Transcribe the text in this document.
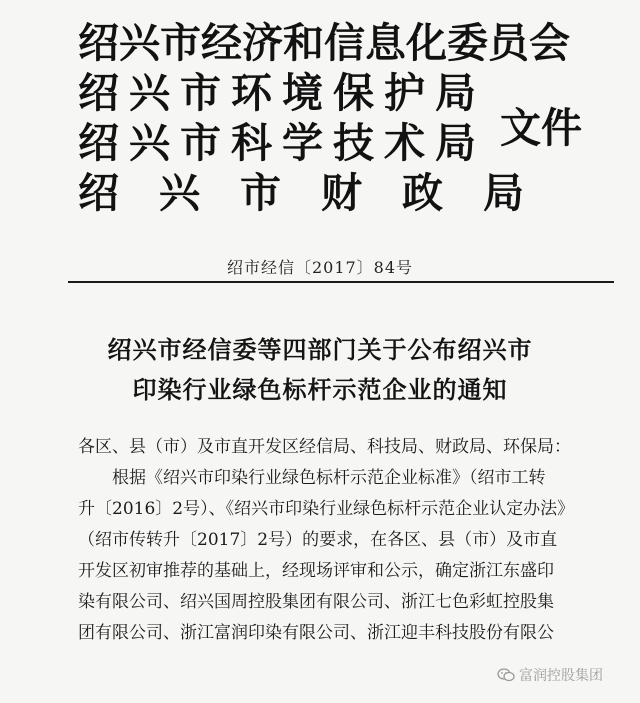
绍兴市经济和信息化委员会
绍兴市环境保护局
绍兴市科学技术局
绍兴市财政局
文件
绍市经信〔2017〕84号
绍兴市经信委等四部门关于公布绍兴市
印染行业绿色标杆示范企业的通知
各区、县（市）及市直开发区经信局、科技局、财政局、环保局：
根据《绍兴市印染行业绿色标杆示范企业标准》（绍市工转
升〔2016〕2号）、《绍兴市印染行业绿色标杆示范企业认定办法》
（绍市传转升〔2017〕2号）的要求，在各区、县（市）及市直
开发区初审推荐的基础上，经现场评审和公示，确定浙江东盛印
染有限公司、绍兴国周控股集团有限公司、浙江七色彩虹控股集
团有限公司、浙江富润印染有限公司、浙江迎丰科技股份有限公
富润控股集团
